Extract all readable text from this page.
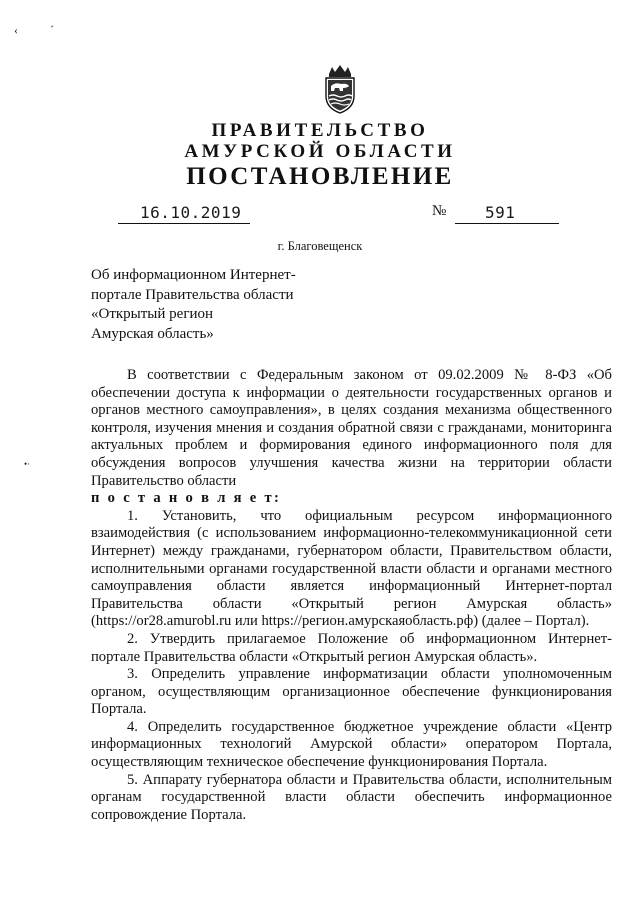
‹	´
•·
ПРАВИТЕЛЬСТВО
АМУРСКОЙ ОБЛАСТИ
ПОСТАНОВЛЕНИЕ
16.10.2019	№ 591
г. Благовещенск
Об информационном Интернет-
портале Правительства области
«Открытый регион
Амурская область»

В соответствии с Федеральным законом от 09.02.2009 № 8-ФЗ «Об обеспечении доступа к информации о деятельности государственных органов и органов местного самоуправления», в целях создания механизма общественного контроля, изучения мнения и создания обратной связи с гражданами, мониторинга актуальных проблем и формирования единого информационного поля для обсуждения вопросов улучшения качества жизни на территории области Правительство области

п о с т а н о в л я е т:

1. Установить, что официальным ресурсом информационного взаимодействия (с использованием информационно-телекоммуникационной сети Интернет) между гражданами, губернатором области, Правительством области, исполнительными органами государственной власти области и органами местного самоуправления области является информационный Интернет-портал Правительства области «Открытый регион Амурская область» (https://or28.amurobl.ru или https://регион.амурскаяобласть.рф) (далее – Портал).

2. Утвердить прилагаемое Положение об информационном Интернет-портале Правительства области «Открытый регион Амурская область».

3. Определить управление информатизации области уполномоченным органом, осуществляющим организационное обеспечение функционирования Портала.

4. Определить государственное бюджетное учреждение области «Центр информационных технологий Амурской области» оператором Портала, осуществляющим техническое обеспечение функционирования Портала.

5. Аппарату губернатора области и Правительства области, исполнительным органам государственной власти области обеспечить информационное сопровождение Портала.
